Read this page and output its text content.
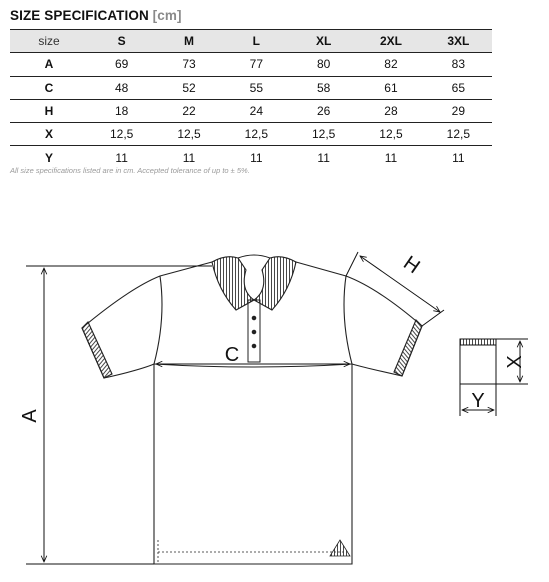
SIZE SPECIFICATION [cm]
size	S	M	L	XL	2XL	3XL
A	69	73	77	80	82	83
C	48	52	55	58	61	65
H	18	22	24	26	28	29
X	12,5	12,5	12,5	12,5	12,5	12,5
Y	11	11	11	11	11	11
All size specifications listed are in cm. Accepted tolerance of up to ± 5%.
A
C
H
X
Y
